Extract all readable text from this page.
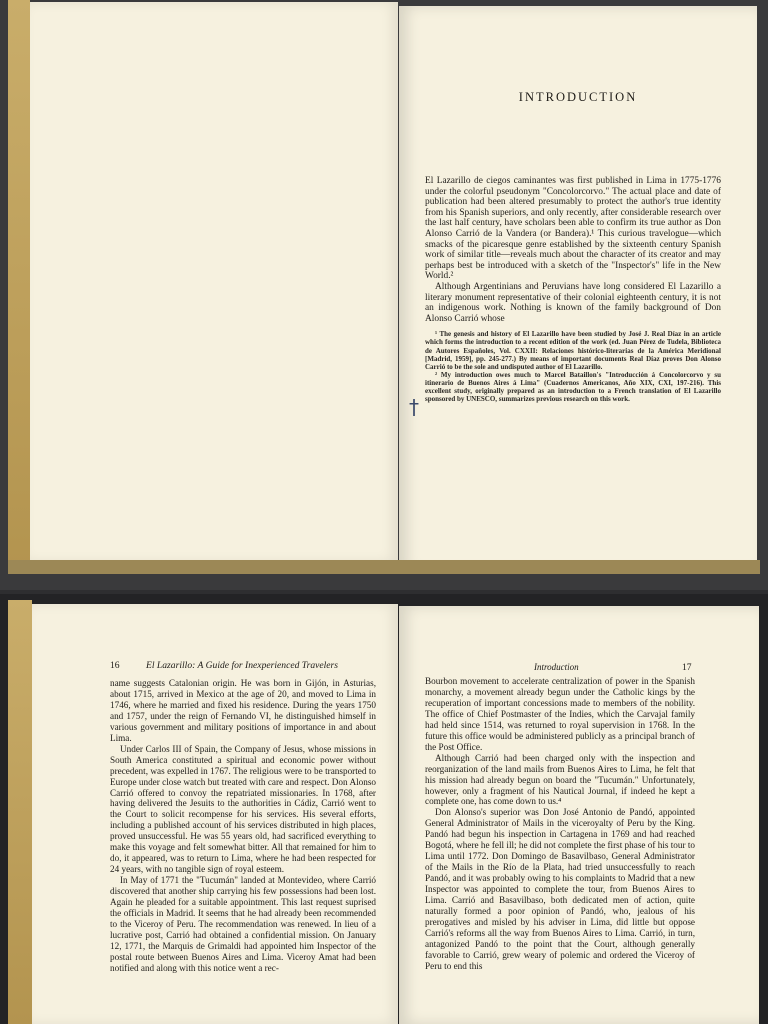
INTRODUCTION
†

El Lazarillo de ciegos caminantes was first published in Lima in 1775-1776 under the colorful pseudonym "Concolorcorvo." The actual place and date of publication had been altered presumably to protect the author's true identity from his Spanish superiors, and only recently, after considerable research over the last half century, have scholars been able to confirm its true author as Don Alonso Carrió de la Vandera (or Bandera).¹ This curious travelogue—which smacks of the picaresque genre established by the sixteenth century Spanish work of similar title—reveals much about the character of its creator and may perhaps best be introduced with a sketch of the "Inspector's" life in the New World.²

Although Argentinians and Peruvians have long considered El Lazarillo a literary monument representative of their colonial eighteenth century, it is not an indigenous work. Nothing is known of the family background of Don Alonso Carrió whose

¹ The genesis and history of El Lazarillo have been studied by José J. Real Díaz in an article which forms the introduction to a recent edition of the work (ed. Juan Pérez de Tudela, Biblioteca de Autores Españoles, Vol. CXXII: Relaciones histórico-literarias de la América Meridional [Madrid, 1959], pp. 245-277.) By means of important documents Real Díaz proves Don Alonso Carrió to be the sole and undisputed author of El Lazarillo.

² My introduction owes much to Marcel Bataillon's "Introducción á Concolorcorvo y su itinerario de Buenos Aires á Lima" (Cuadernos Americanos, Año XIX, CXI, 197-216). This excellent study, originally prepared as an introduction to a French translation of El Lazarillo sponsored by UNESCO, summarizes previous research on this work.

16	El Lazarillo: A Guide for Inexperienced Travelers

name suggests Catalonian origin. He was born in Gijón, in Asturias, about 1715, arrived in Mexico at the age of 20, and moved to Lima in 1746, where he married and fixed his residence. During the years 1750 and 1757, under the reign of Fernando VI, he distinguished himself in various government and military positions of importance in and about Lima.

Under Carlos III of Spain, the Company of Jesus, whose missions in South America constituted a spiritual and economic power without precedent, was expelled in 1767. The religious were to be transported to Europe under close watch but treated with care and respect. Don Alonso Carrió offered to convoy the repatriated missionaries. In 1768, after having delivered the Jesuits to the authorities in Cádiz, Carrió went to the Court to solicit recompense for his services. His several efforts, including a published account of his services distributed in high places, proved unsuccessful. He was 55 years old, had sacrificed everything to make this voyage and felt somewhat bitter. All that remained for him to do, it appeared, was to return to Lima, where he had been respected for 24 years, with no tangible sign of royal esteem.

In May of 1771 the "Tucumán" landed at Montevideo, where Carrió discovered that another ship carrying his few possessions had been lost. Again he pleaded for a suitable appointment. This last request suprised the officials in Madrid. It seems that he had already been recommended to the Viceroy of Peru. The recommendation was renewed. In lieu of a lucrative post, Carrió had obtained a confidential mission. On January 12, 1771, the Marquis de Grimaldi had appointed him Inspector of the postal route between Buenos Aires and Lima. Viceroy Amat had been notified and along with this notice went a rec-

Introduction	17

Bourbon movement to accelerate centralization of power in the Spanish monarchy, a movement already begun under the Catholic kings by the recuperation of important concessions made to members of the nobility. The office of Chief Postmaster of the Indies, which the Carvajal family had held since 1514, was returned to royal supervision in 1768. In the future this office would be administered publicly as a principal branch of the Post Office.

Although Carrió had been charged only with the inspection and reorganization of the land mails from Buenos Aires to Lima, he felt that his mission had already begun on board the "Tucumán." Unfortunately, however, only a fragment of his Nautical Journal, if indeed he kept a complete one, has come down to us.⁴

Don Alonso's superior was Don José Antonio de Pandó, appointed General Administrator of Mails in the viceroyalty of Peru by the King. Pandó had begun his inspection in Cartagena in 1769 and had reached Bogotá, where he fell ill; he did not complete the first phase of his tour to Lima until 1772. Don Domingo de Basavilbaso, General Administrator of the Mails in the Río de la Plata, had tried unsuccessfully to reach Pandó, and it was probably owing to his complaints to Madrid that a new Inspector was appointed to complete the tour, from Buenos Aires to Lima. Carrió and Basavilbaso, both dedicated men of action, quite naturally formed a poor opinion of Pandó, who, jealous of his prerogatives and misled by his adviser in Lima, did little but oppose Carrió's reforms all the way from Buenos Aires to Lima. Carrió, in turn, antagonized Pandó to the point that the Court, although generally favorable to Carrió, grew weary of polemic and ordered the Viceroy of Peru to end this
